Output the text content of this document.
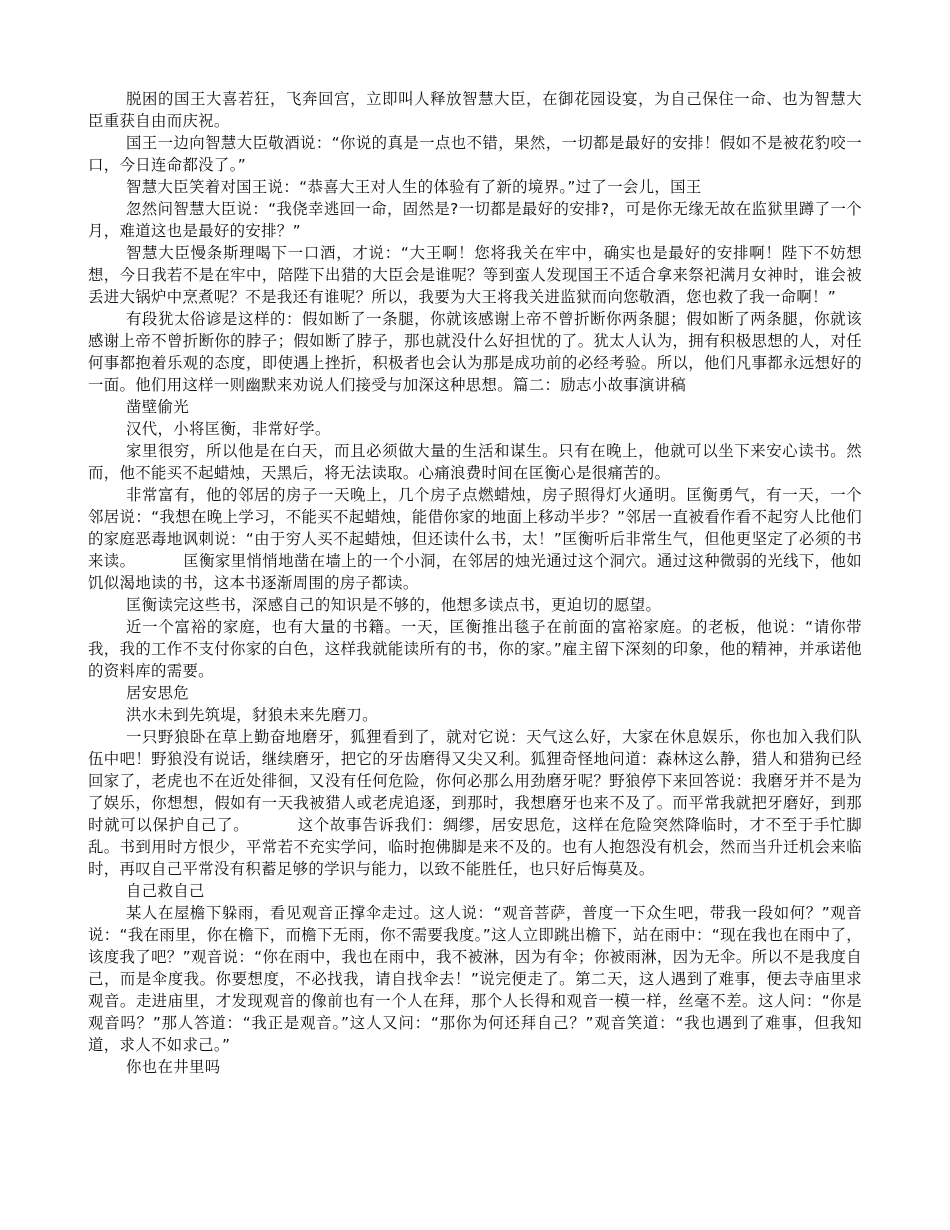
脱困的国王大喜若狂，飞奔回宫，立即叫人释放智慧大臣，在御花园设宴，为自己保住一命、也为智慧大臣重获自由而庆祝。

国王一边向智慧大臣敬酒说：“你说的真是一点也不错，果然，一切都是最好的安排！假如不是被花豹咬一口，今日连命都没了。”

智慧大臣笑着对国王说：“恭喜大王对人生的体验有了新的境界。”过了一会儿，国王

忽然问智慧大臣说：“我侥幸逃回一命，固然是?一切都是最好的安排?，可是你无缘无故在监狱里蹲了一个月，难道这也是最好的安排？”

智慧大臣慢条斯理喝下一口酒，才说：“大王啊！您将我关在牢中，确实也是最好的安排啊！陛下不妨想想，今日我若不是在牢中，陪陛下出猎的大臣会是谁呢？等到蛮人发现国王不适合拿来祭祀满月女神时，谁会被丢进大锅炉中烹煮呢？不是我还有谁呢？所以，我要为大王将我关进监狱而向您敬酒，您也救了我一命啊！”

有段犹太俗谚是这样的：假如断了一条腿，你就该感谢上帝不曾折断你两条腿；假如断了两条腿，你就该感谢上帝不曾折断你的脖子；假如断了脖子，那也就没什么好担忧的了。犹太人认为，拥有积极思想的人，对任何事都抱着乐观的态度，即使遇上挫折，积极者也会认为那是成功前的必经考验。所以，他们凡事都永远想好的一面。他们用这样一则幽默来劝说人们接受与加深这种思想。篇二：励志小故事演讲稿

凿壁偷光

汉代，小将匡衡，非常好学。

家里很穷，所以他是在白天，而且必须做大量的生活和谋生。只有在晚上，他就可以坐下来安心读书。然而，他不能买不起蜡烛，天黑后，将无法读取。心痛浪费时间在匡衡心是很痛苦的。

非常富有，他的邻居的房子一天晚上，几个房子点燃蜡烛，房子照得灯火通明。匡衡勇气，有一天，一个邻居说：“我想在晚上学习，不能买不起蜡烛，能借你家的地面上移动半步？”邻居一直被看作看不起穷人比他们的家庭恶毒地讽刺说：“由于穷人买不起蜡烛，但还读什么书，太！”匡衡听后非常生气，但他更坚定了必须的书来读。	匡衡家里悄悄地凿在墙上的一个小洞，在邻居的烛光通过这个洞穴。通过这种微弱的光线下，他如饥似渴地读的书，这本书逐渐周围的房子都读。

匡衡读完这些书，深感自己的知识是不够的，他想多读点书，更迫切的愿望。

近一个富裕的家庭，也有大量的书籍。一天，匡衡推出毯子在前面的富裕家庭。的老板，他说：“请你带我，我的工作不支付你家的白色，这样我就能读所有的书，你的家。”雇主留下深刻的印象，他的精神，并承诺他的资料库的需要。

居安思危

洪水未到先筑堤，豺狼未来先磨刀。

一只野狼卧在草上勤奋地磨牙，狐狸看到了，就对它说：天气这么好，大家在休息娱乐，你也加入我们队伍中吧！野狼没有说话，继续磨牙，把它的牙齿磨得又尖又利。狐狸奇怪地问道：森林这么静，猎人和猎狗已经回家了，老虎也不在近处徘徊，又没有任何危险，你何必那么用劲磨牙呢？野狼停下来回答说：我磨牙并不是为了娱乐，你想想，假如有一天我被猎人或老虎追逐，到那时，我想磨牙也来不及了。而平常我就把牙磨好，到那时就可以保护自己了。	这个故事告诉我们：绸缪，居安思危，这样在危险突然降临时，才不至于手忙脚乱。书到用时方恨少，平常若不充实学问，临时抱佛脚是来不及的。也有人抱怨没有机会，然而当升迁机会来临时，再叹自己平常没有积蓄足够的学识与能力，以致不能胜任，也只好后悔莫及。

自己救自己

某人在屋檐下躲雨，看见观音正撑伞走过。这人说：“观音菩萨，普度一下众生吧，带我一段如何？”观音说：“我在雨里，你在檐下，而檐下无雨，你不需要我度。”这人立即跳出檐下，站在雨中：“现在我也在雨中了，该度我了吧？”观音说：“你在雨中，我也在雨中，我不被淋，因为有伞；你被雨淋，因为无伞。所以不是我度自己，而是伞度我。你要想度，不必找我，请自找伞去！”说完便走了。第二天，这人遇到了难事，便去寺庙里求观音。走进庙里，才发现观音的像前也有一个人在拜，那个人长得和观音一模一样，丝毫不差。这人问：“你是观音吗？”那人答道：“我正是观音。”这人又问：“那你为何还拜自己？”观音笑道：“我也遇到了难事，但我知道，求人不如求己。”

你也在井里吗
